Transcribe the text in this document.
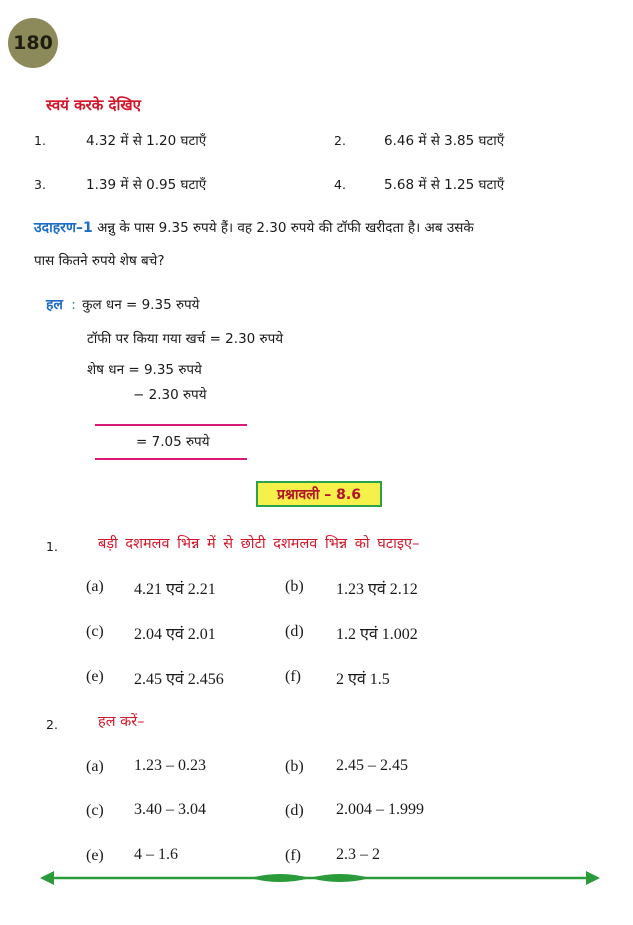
180
स्वयं करके देखिए
1.	4.32 में से 1.20 घटाएँ	2.	6.46 में से 3.85 घटाएँ
3.	1.39 में से 0.95 घटाएँ	4.	5.68 में से 1.25 घटाएँ
उदाहरण–1 अन्नु के पास 9.35 रुपये हैं। वह 2.30 रुपये की टॉफी खरीदता है। अब उसके
पास कितने रुपये शेष बचे?
हल : कुल धन = 9.35 रुपये
टॉफी पर किया गया खर्च = 2.30 रुपये
शेष धन = 9.35 रुपये
− 2.30 रुपये
= 7.05 रुपये
प्रश्नावली – 8.6
1.	बड़ी दशमलव भिन्न में से छोटी दशमलव भिन्न को घटाइए–
(a) 4.21 एवं 2.21	(b) 1.23 एवं 2.12
(c) 2.04 एवं 2.01	(d) 1.2 एवं 1.002
(e) 2.45 एवं 2.456	(f) 2 एवं 1.5
2.	हल करें–
(a) 1.23 – 0.23	(b) 2.45 – 2.45
(c) 3.40 – 3.04	(d) 2.004 – 1.999
(e) 4 – 1.6	(f) 2.3 – 2
